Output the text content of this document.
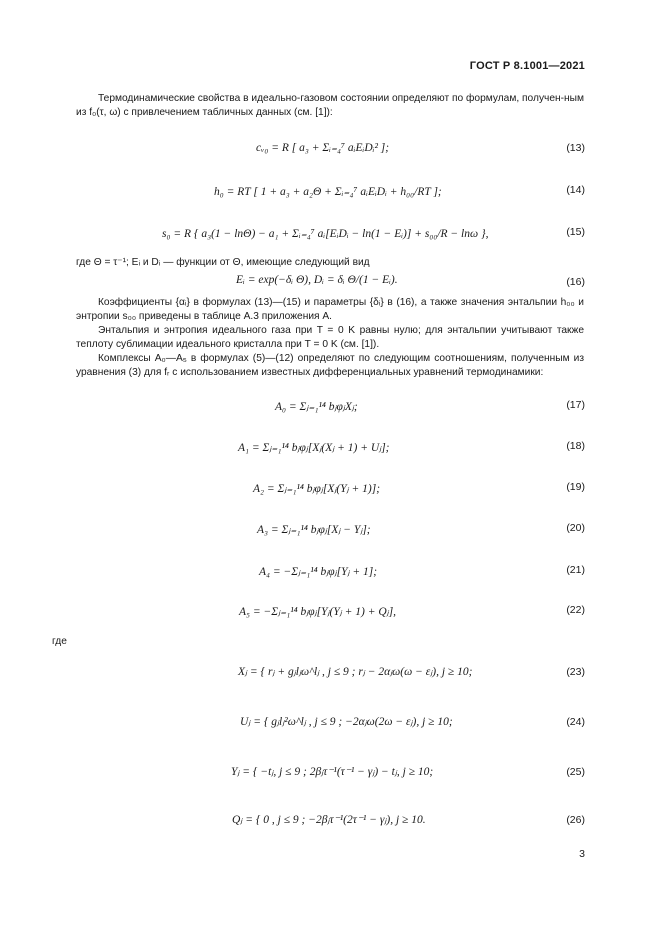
ГОСТ Р 8.1001—2021
Термодинамические свойства в идеально-газовом состоянии определяют по формулам, получен-ным из f₀(τ, ω) с привлечением табличных данных (см. [1]):
cᵥ₀ = R [ a₃ + Σᵢ₌₄⁷ aᵢEᵢDᵢ² ];	(13)
h₀ = RT [ 1 + a₃ + a₂Θ + Σᵢ₌₄⁷ aᵢEᵢDᵢ + h₀₀/RT ];	(14)
s₀ = R { a₃(1 − lnΘ) − a₁ + Σᵢ₌₄⁷ aᵢ[EᵢDᵢ − ln(1 − Eᵢ)] + s₀₀/R − lnω },	(15)
где Θ = τ⁻¹; Eᵢ и Dᵢ — функции от Θ, имеющие следующий вид
Eᵢ = exp(−δᵢ Θ), Dᵢ = δᵢ Θ/(1 − Eᵢ).	(16)
Коэффициенты {αᵢ} в формулах (13)—(15) и параметры {δᵢ} в (16), а также значения энтальпии h₀₀ и энтропии s₀₀ приведены в таблице А.3 приложения А.
Энтальпия и энтропия идеального газа при T = 0 K равны нулю; для энтальпии учитывают также теплоту сублимации идеального кристалла при T = 0 K (см. [1]).
Комплексы A₀—A₅ в формулах (5)—(12) определяют по следующим соотношениям, полученным из уравнения (3) для fᵣ с использованием известных дифференциальных уравнений термодинамики:
A₀ = Σⱼ₌₁¹⁴ bⱼφⱼXⱼ;	(17)
A₁ = Σⱼ₌₁¹⁴ bⱼφⱼ[Xⱼ(Xⱼ + 1) + Uⱼ];	(18)
A₂ = Σⱼ₌₁¹⁴ bⱼφⱼ[Xⱼ(Yⱼ + 1)];	(19)
A₃ = Σⱼ₌₁¹⁴ bⱼφⱼ[Xⱼ − Yⱼ];	(20)
A₄ = −Σⱼ₌₁¹⁴ bⱼφⱼ[Yⱼ + 1];	(21)
A₅ = −Σⱼ₌₁¹⁴ bⱼφⱼ[Yⱼ(Yⱼ + 1) + Qⱼ],	(22)
где
Xⱼ = { rⱼ + gⱼlⱼω^lⱼ , j ≤ 9 ; rⱼ − 2αⱼω(ω − εⱼ), j ≥ 10;	(23)
Uⱼ = { gⱼlⱼ²ω^lⱼ , j ≤ 9 ; −2αⱼω(2ω − εⱼ), j ≥ 10;	(24)
Yⱼ = { −tⱼ, j ≤ 9 ; 2βⱼτ⁻¹(τ⁻¹ − γⱼ) − tⱼ, j ≥ 10;	(25)
Qⱼ = { 0 , j ≤ 9 ; −2βⱼτ⁻¹(2τ⁻¹ − γⱼ), j ≥ 10.	(26)
3
